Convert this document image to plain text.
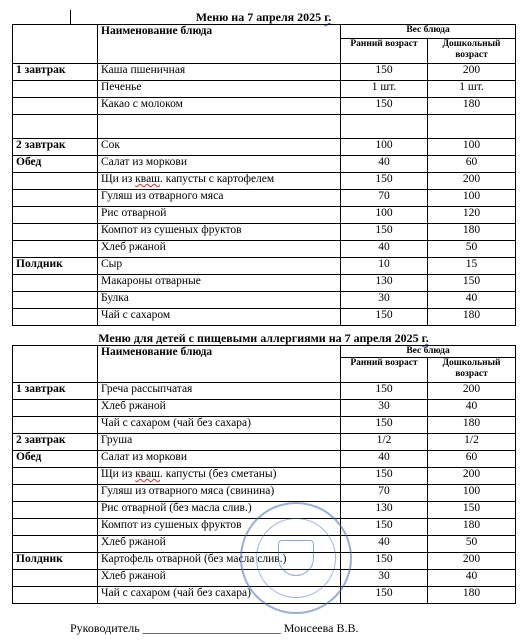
Меню на 7 апреля 2025 г.
	Наименование блюда	Вес блюда	
		Ранний возраст	Дошкольный возраст
1 завтрак	Каша пшеничная	150	200
	Печенье	1 шт.	1 шт.
	Какао с молоком	150	180

2 завтрак	Сок	100	100
Обед	Салат из моркови	40	60
	Щи из кваш. капусты с картофелем	150	200
	Гуляш из отварного мяса	70	100
	Рис отварной	100	120
	Компот из сушеных фруктов	150	180
	Хлеб ржаной	40	50
Полдник	Сыр	10	15
	Макароны отварные	130	150
	Булка	30	40
	Чай с сахаром	150	180
Меню для детей с пищевыми аллергиями на 7 апреля 2025 г.
	Наименование блюда	Вес блюда	
		Ранний возраст	Дошкольный возраст
1 завтрак	Греча рассыпчатая	150	200
	Хлеб ржаной	30	40
	Чай с сахаром (чай без сахара)	150	180
2 завтрак	Груша	1/2	1/2
Обед	Салат из моркови	40	60
	Щи из кваш. капусты (без сметаны)	150	200
	Гуляш из отварного мяса (свинина)	70	100
	Рис отварной (без масла слив.)	130	150
	Компот из сушеных фруктов	150	180
	Хлеб ржаной	40	50
Полдник	Картофель отварной (без масла слив.)	150	200
	Хлеб ржаной	30	40
	Чай с сахаром (чай без сахара)	150	180
Руководитель _______________________ Моисеева В.В.
